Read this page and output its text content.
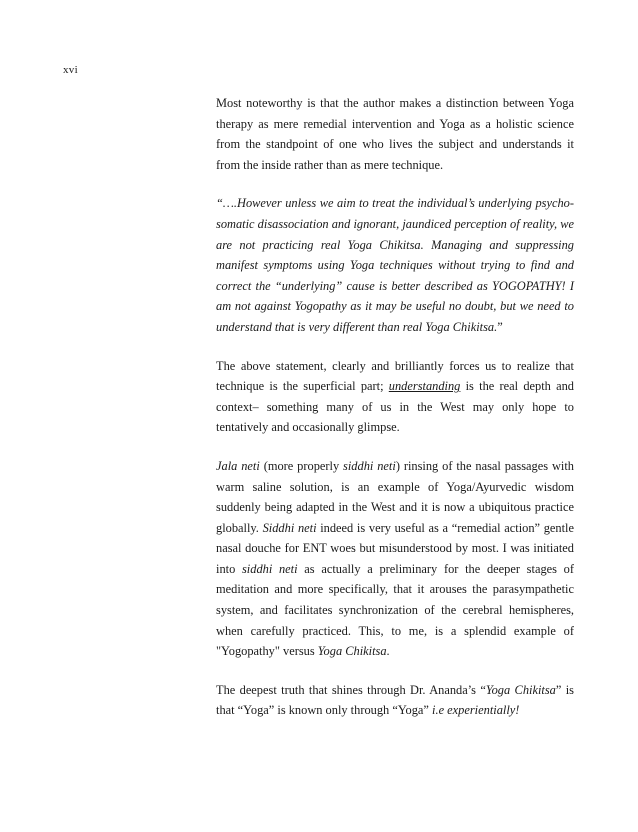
xvi

Most noteworthy is that the author makes a distinction between Yoga therapy as mere remedial intervention and Yoga as a holistic science from the standpoint of one who lives the subject and understands it from the inside rather than as mere technique.

“….However unless we aim to treat the individual’s underlying psycho-somatic disassociation and ignorant, jaundiced perception of reality, we are not practicing real Yoga Chikitsa. Managing and suppressing manifest symptoms using Yoga techniques without trying to find and correct the “underlying” cause is better described as YOGOPATHY! I am not against Yogopathy as it may be useful no doubt, but we need to understand that is very different than real Yoga Chikitsa.”

The above statement, clearly and brilliantly forces us to realize that technique is the superficial part; understanding is the real depth and context– something many of us in the West may only hope to tentatively and occasionally glimpse.

Jala neti (more properly siddhi neti) rinsing of the nasal passages with warm saline solution, is an example of Yoga/Ayurvedic wisdom suddenly being adapted in the West and it is now a ubiquitous practice globally. Siddhi neti indeed is very useful as a “remedial action” gentle nasal douche for ENT woes but misunderstood by most. I was initiated into siddhi neti as actually a preliminary for the deeper stages of meditation and more specifically, that it arouses the parasympathetic system, and facilitates synchronization of the cerebral hemispheres, when carefully practiced. This, to me, is a splendid example of "Yogopathy" versus Yoga Chikitsa.

The deepest truth that shines through Dr. Ananda’s “Yoga Chikitsa” is that “Yoga” is known only through “Yoga” i.e experientially!
